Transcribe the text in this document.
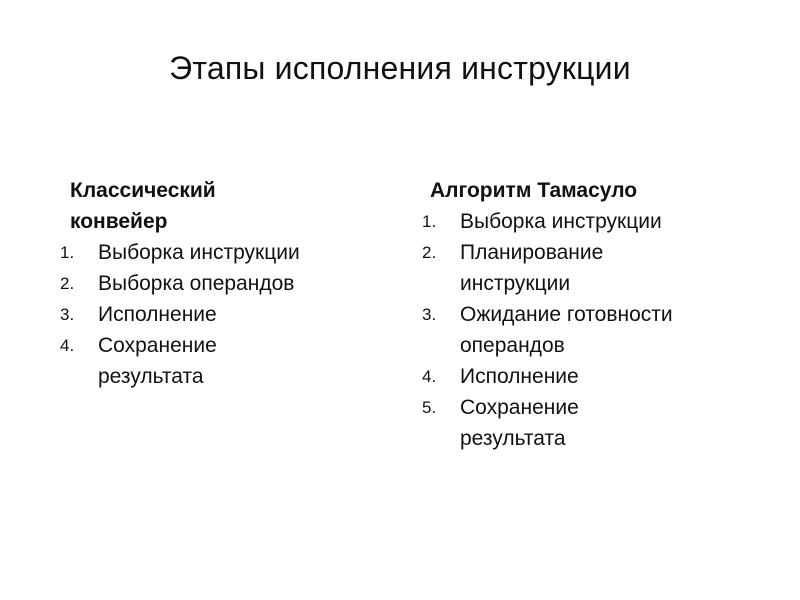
Этапы исполнения инструкции
Классический
конвейер
1.	Выборка инструкции
2.	Выборка операндов
3.	Исполнение
4.	Сохранение результата
Алгоритм Тамасуло
1.	Выборка инструкции
2.	Планирование инструкции
3.	Ожидание готовности операндов
4.	Исполнение
5.	Сохранение результата
